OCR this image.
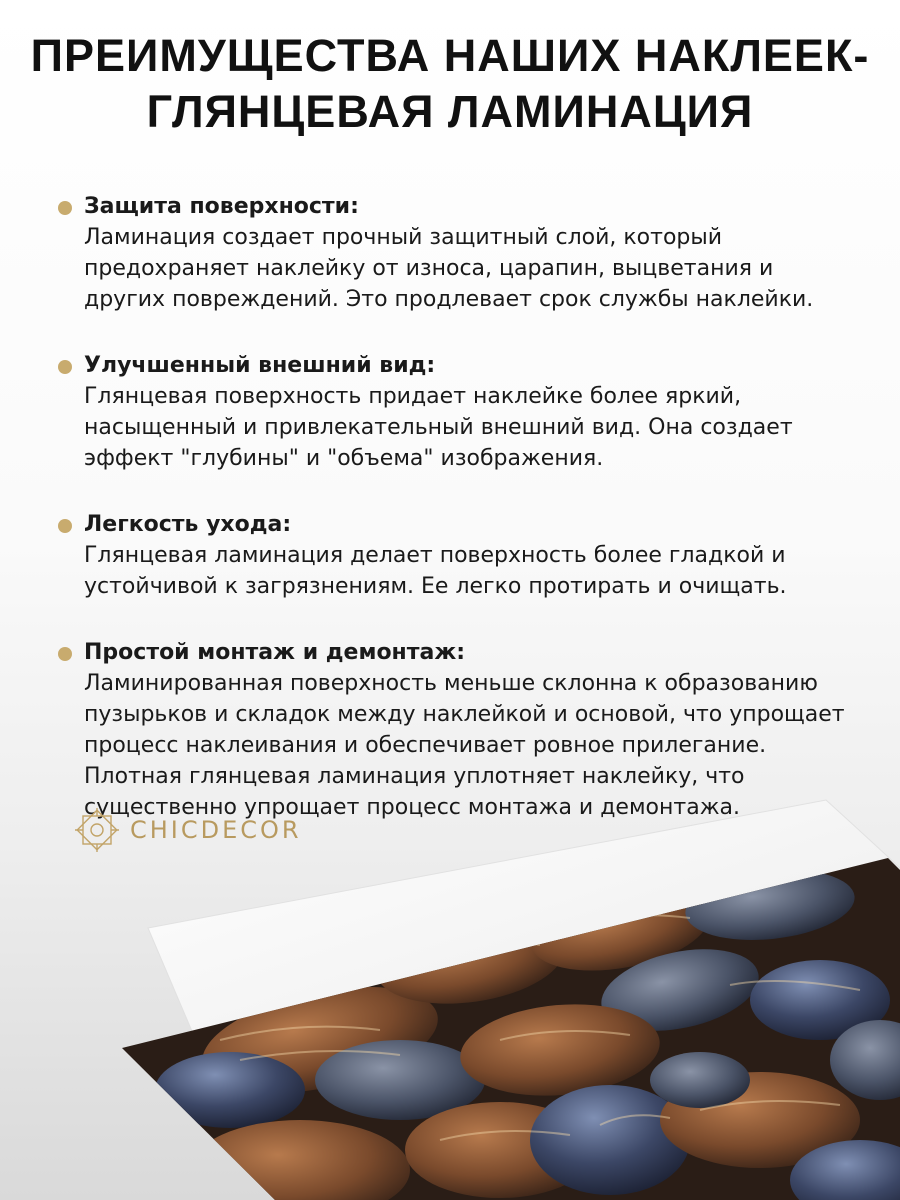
ПРЕИМУЩЕСТВА НАШИХ НАКЛЕЕК-
ГЛЯНЦЕВАЯ ЛАМИНАЦИЯ

Защита поверхности:

Ламинация создает прочный защитный слой, который

предохраняет наклейку от износа, царапин, выцветания и

других повреждений. Это продлевает срок службы наклейки.

Улучшенный внешний вид:

Глянцевая поверхность придает наклейке более яркий,

насыщенный и привлекательный внешний вид. Она создает

эффект "глубины" и "объема" изображения.

Легкость ухода:

Глянцевая ламинация делает поверхность более гладкой и

устойчивой к загрязнениям. Ее легко протирать и очищать.

Простой монтаж и демонтаж:

Ламинированная поверхность меньше склонна к образованию

пузырьков и складок между наклейкой и основой, что упрощает

процесс наклеивания и обеспечивает ровное прилегание.

Плотная глянцевая ламинация уплотняет наклейку, что

существенно упрощает процесс монтажа и демонтажа.

CHICDECOR
